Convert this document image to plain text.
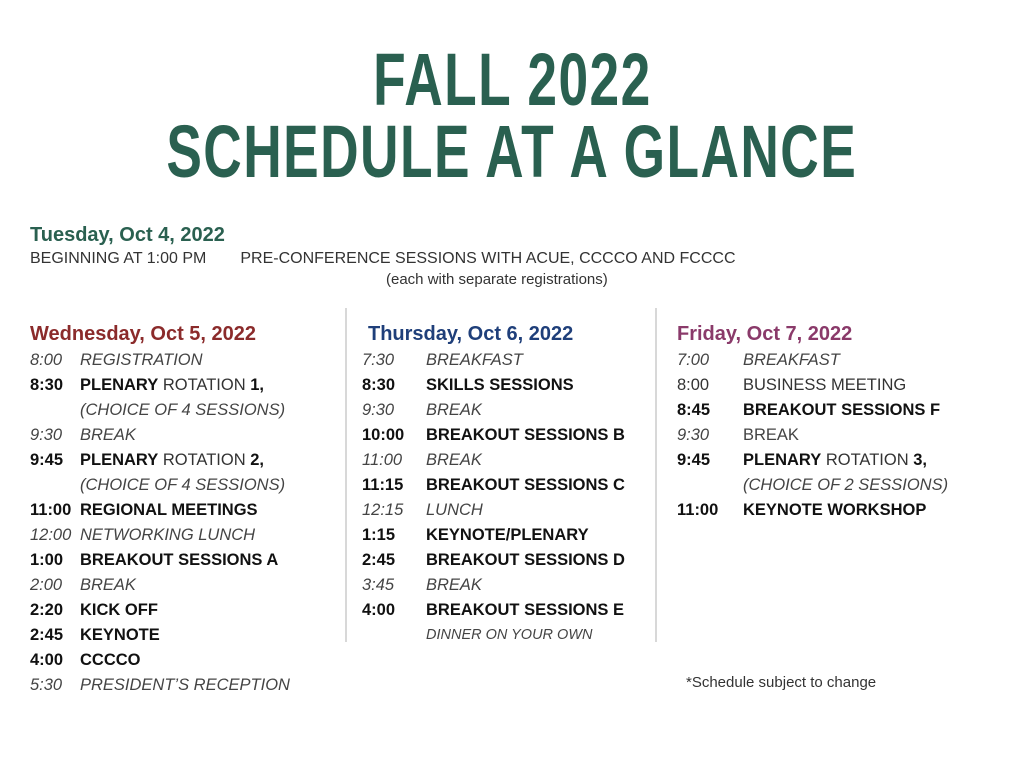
FALL 2022
SCHEDULE AT A GLANCE
Tuesday, Oct 4, 2022
BEGINNING AT 1:00 PM PRE-CONFERENCE SESSIONS WITH ACUE, CCCCO AND FCCCC
(each with separate registrations)
Wednesday, Oct 5, 2022
8:00 REGISTRATION
8:30 PLENARY ROTATION 1,
(CHOICE OF 4 SESSIONS)
9:30 BREAK
9:45 PLENARY ROTATION 2,
(CHOICE OF 4 SESSIONS)
11:00 REGIONAL MEETINGS
12:00 NETWORKING LUNCH
1:00 BREAKOUT SESSIONS A
2:00 BREAK
2:20 KICK OFF
2:45 KEYNOTE
4:00 CCCCO
5:30 PRESIDENT’S RECEPTION
Thursday, Oct 6, 2022
7:30 BREAKFAST
8:30 SKILLS SESSIONS
9:30 BREAK
10:00 BREAKOUT SESSIONS B
11:00 BREAK
11:15 BREAKOUT SESSIONS C
12:15 LUNCH
1:15 KEYNOTE/PLENARY
2:45 BREAKOUT SESSIONS D
3:45 BREAK
4:00 BREAKOUT SESSIONS E
DINNER ON YOUR OWN
Friday, Oct 7, 2022
7:00 BREAKFAST
8:00 BUSINESS MEETING
8:45 BREAKOUT SESSIONS F
9:30 BREAK
9:45 PLENARY ROTATION 3,
(CHOICE OF 2 SESSIONS)
11:00 KEYNOTE WORKSHOP
*Schedule subject to change
